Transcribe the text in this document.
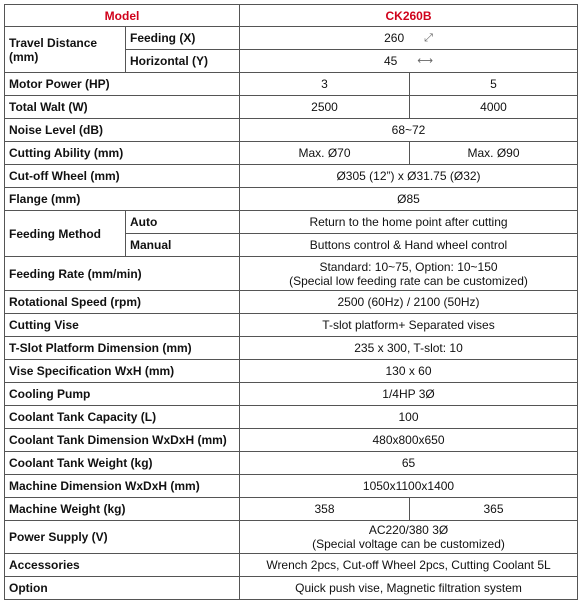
Model		CK260B	
Travel Distance (mm)	Feeding (X)	260 ⤢	
	Horizontal (Y)	45 ⟷	
Motor Power (HP)		3	5
Total Walt (W)		2500	4000
Noise Level (dB)		68~72	
Cutting Ability (mm)		Max. Ø70	Max. Ø90
Cut-off Wheel (mm)		Ø305 (12”) x Ø31.75 (Ø32)	
Flange (mm)		Ø85	
Feeding Method	Auto	Return to the home point after cutting	
	Manual	Buttons control & Hand wheel control	
Feeding Rate (mm/min)		Standard: 10~75, Option: 10~150
(Special low feeding rate can be customized)	

Rotational Speed (rpm)		2500 (60Hz) / 2100 (50Hz)	
Cutting Vise		T-slot platform+ Separated vises	
T-Slot Platform Dimension (mm)		235 x 300, T-slot: 10	
Vise Specification WxH (mm)		130 x 60	
Cooling Pump		1/4HP 3Ø	
Coolant Tank Capacity (L)		100	
Coolant Tank Dimension WxDxH (mm)		480x800x650	
Coolant Tank Weight (kg)		65	
Machine Dimension WxDxH (mm)		1050x1100x1400	
Machine Weight (kg)		358	365
Power Supply (V)		AC220/380 3Ø
(Special voltage can be customized)	

Accessories		Wrench 2pcs, Cut-off Wheel 2pcs, Cutting Coolant 5L	
Option		Quick push vise, Magnetic filtration system	
